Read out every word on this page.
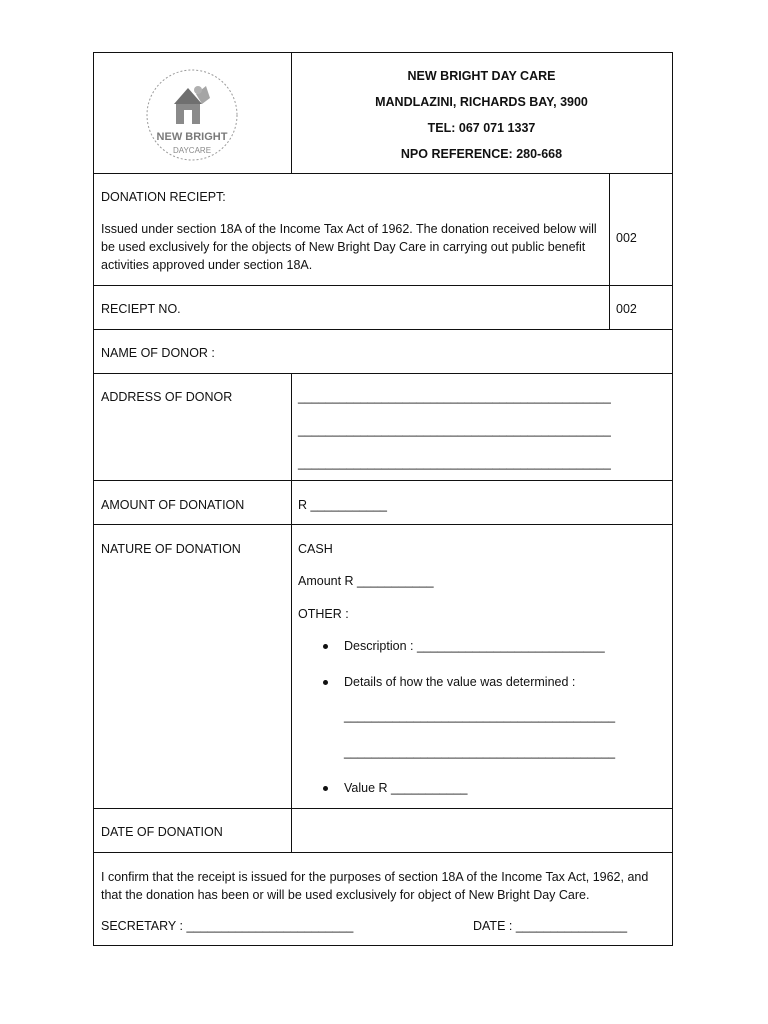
NEW BRIGHT
DAYCARE
NEW BRIGHT DAY CARE
MANDLAZINI, RICHARDS BAY, 3900
TEL: 067 071 1337
NPO REFERENCE: 280-668
DONATION RECIEPT:
Issued under section 18A of the Income Tax Act of 1962. The donation received below will be used exclusively for the objects of New Bright Day Care in carrying out public benefit activities approved under section 18A.
002
RECIEPT NO.	002
NAME OF DONOR :
ADDRESS OF DONOR	_____________________________________________
_____________________________________________
_____________________________________________
AMOUNT OF DONATION	R ___________
NATURE OF DONATION	CASH
Amount R ___________
OTHER :
Description : ___________________________
Details of how the value was determined :
_______________________________________
_______________________________________
Value R ___________
DATE OF DONATION
I confirm that the receipt is issued for the purposes of section 18A of the Income Tax Act, 1962, and that the donation has been or will be used exclusively for object of New Bright Day Care.
SECRETARY : ________________________	DATE : ________________
